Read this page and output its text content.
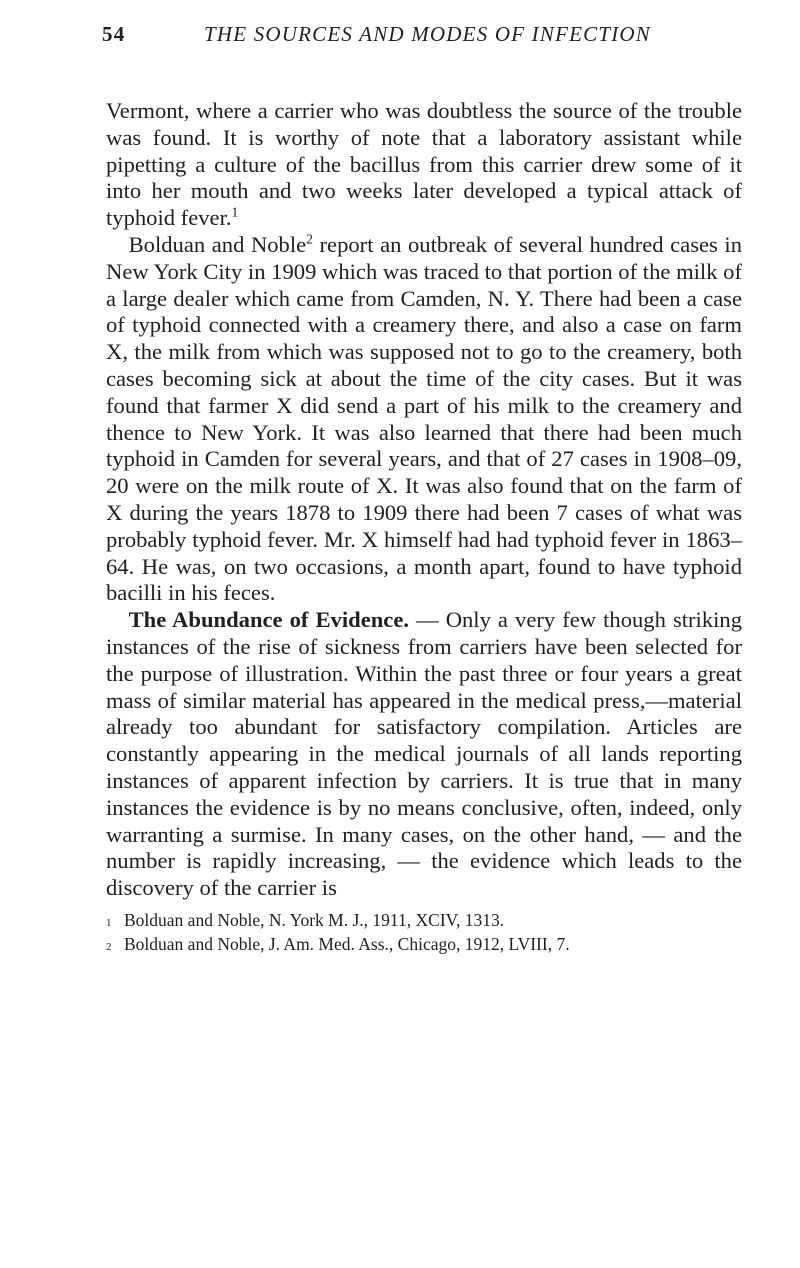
54	THE SOURCES AND MODES OF INFECTION

Vermont, where a carrier who was doubtless the source of the trouble was found. It is worthy of note that a laboratory assistant while pipetting a culture of the bacillus from this carrier drew some of it into her mouth and two weeks later developed a typical attack of typhoid fever.$^1$

 Bolduan and Noble$^2$ report an outbreak of several hundred cases in New York City in 1909 which was traced to that portion of the milk of a large dealer which came from Camden, N. Y. There had been a case of typhoid connected with a creamery there, and also a case on farm X, the milk from which was supposed not to go to the creamery, both cases becoming sick at about the time of the city cases. But it was found that farmer X did send a part of his milk to the creamery and thence to New York. It was also learned that there had been much typhoid in Camden for several years, and that of 27 cases in 1908–09, 20 were on the milk route of X. It was also found that on the farm of X during the years 1878 to 1909 there had been 7 cases of what was probably typhoid fever. Mr. X himself had had typhoid fever in 1863–64. He was, on two occasions, a month apart, found to have typhoid bacilli in his feces.

 The Abundance of Evidence. — Only a very few though striking instances of the rise of sickness from carriers have been selected for the purpose of illustration. Within the past three or four years a great mass of similar material has appeared in the medical press,—material already too abundant for satisfactory compilation. Articles are constantly appearing in the medical journals of all lands reporting instances of apparent infection by carriers. It is true that in many instances the evidence is by no means conclusive, often, indeed, only warranting a surmise. In many cases, on the other hand, — and the number is rapidly increasing, — the evidence which leads to the discovery of the carrier is

1 Bolduan and Noble, N. York M. J., 1911, XCIV, 1313.
2 Bolduan and Noble, J. Am. Med. Ass., Chicago, 1912, LVIII, 7.
